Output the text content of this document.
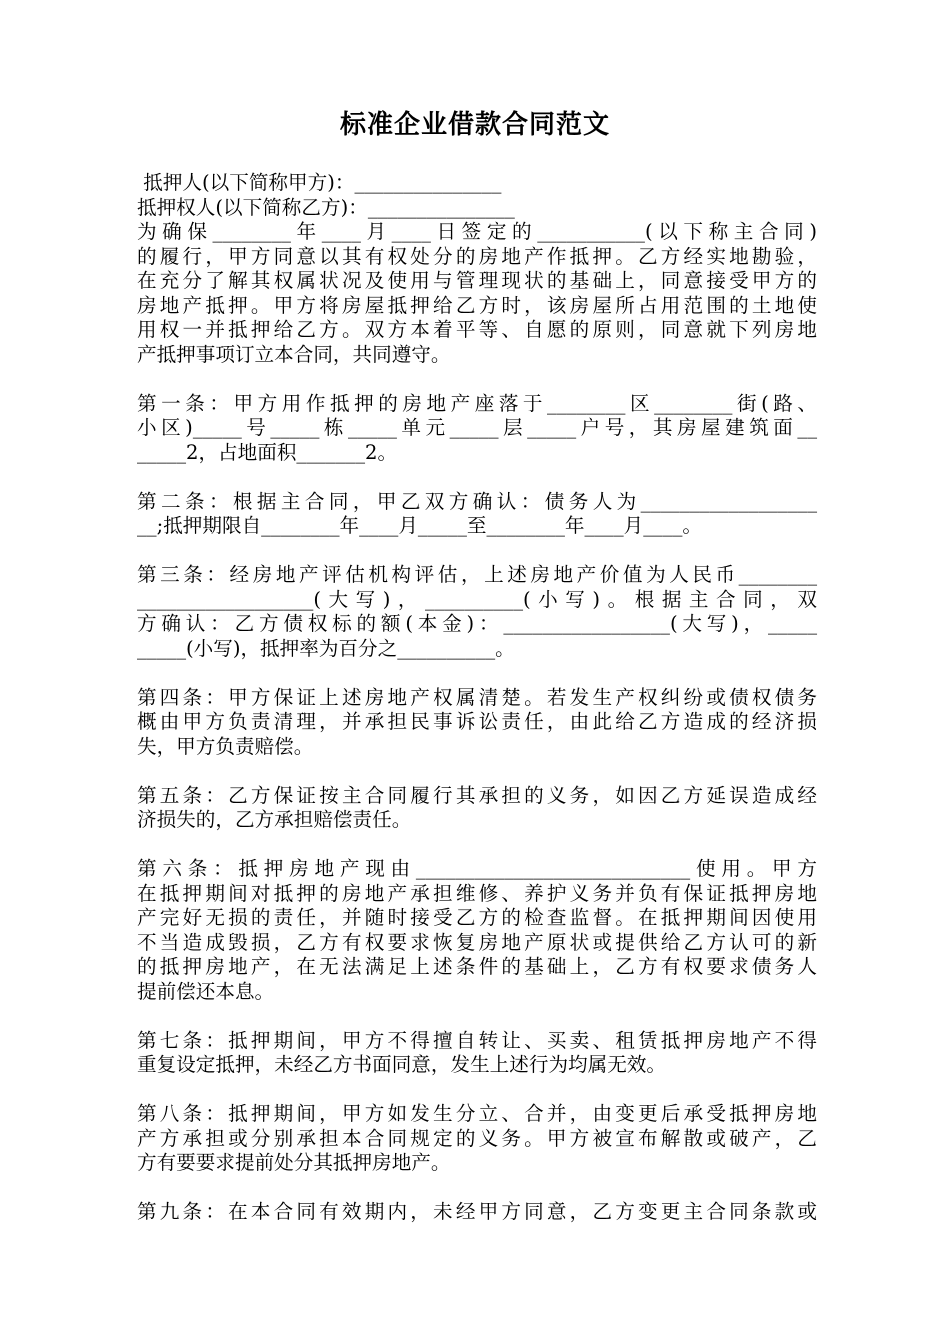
标准企业借款合同范文
抵押人(以下简称甲方)：_______________
抵押权人(以下简称乙方)：_______________
为确保________年____月____日签定的___________(以下称主合同)
的履行，甲方同意以其有权处分的房地产作抵押。乙方经实地勘验，
在充分了解其权属状况及使用与管理现状的基础上，同意接受甲方的
房地产抵押。甲方将房屋抵押给乙方时，该房屋所占用范围的土地使
用权一并抵押给乙方。双方本着平等、自愿的原则，同意就下列房地
产抵押事项订立本合同，共同遵守。
第一条：甲方用作抵押的房地产座落于________区________街(路、
小区)_____号_____栋_____单元_____层_____户号，其房屋建筑面__
_____2，占地面积_______2。
第二条：根据主合同，甲乙双方确认：债务人为__________________
__;抵押期限自________年____月_____至________年____月____。
第三条：经房地产评估机构评估，上述房地产价值为人民币________
__________________(大写)，__________(小写)。根据主合同，双
方确认：乙方债权标的额(本金)：_________________(大写)，_____
_____(小写)，抵押率为百分之__________。
第四条：甲方保证上述房地产权属清楚。若发生产权纠纷或债权债务
概由甲方负责清理，并承担民事诉讼责任，由此给乙方造成的经济损
失，甲方负责赔偿。
第五条：乙方保证按主合同履行其承担的义务，如因乙方延误造成经
济损失的，乙方承担赔偿责任。
第六条：抵押房地产现由____________________________使用。甲方
在抵押期间对抵押的房地产承担维修、养护义务并负有保证抵押房地
产完好无损的责任，并随时接受乙方的检查监督。在抵押期间因使用
不当造成毁损，乙方有权要求恢复房地产原状或提供给乙方认可的新
的抵押房地产，在无法满足上述条件的基础上，乙方有权要求债务人
提前偿还本息。
第七条：抵押期间，甲方不得擅自转让、买卖、租赁抵押房地产不得
重复设定抵押，未经乙方书面同意，发生上述行为均属无效。
第八条：抵押期间，甲方如发生分立、合并，由变更后承受抵押房地
产方承担或分别承担本合同规定的义务。甲方被宣布解散或破产，乙
方有要要求提前处分其抵押房地产。
第九条：在本合同有效期内，未经甲方同意，乙方变更主合同条款或
